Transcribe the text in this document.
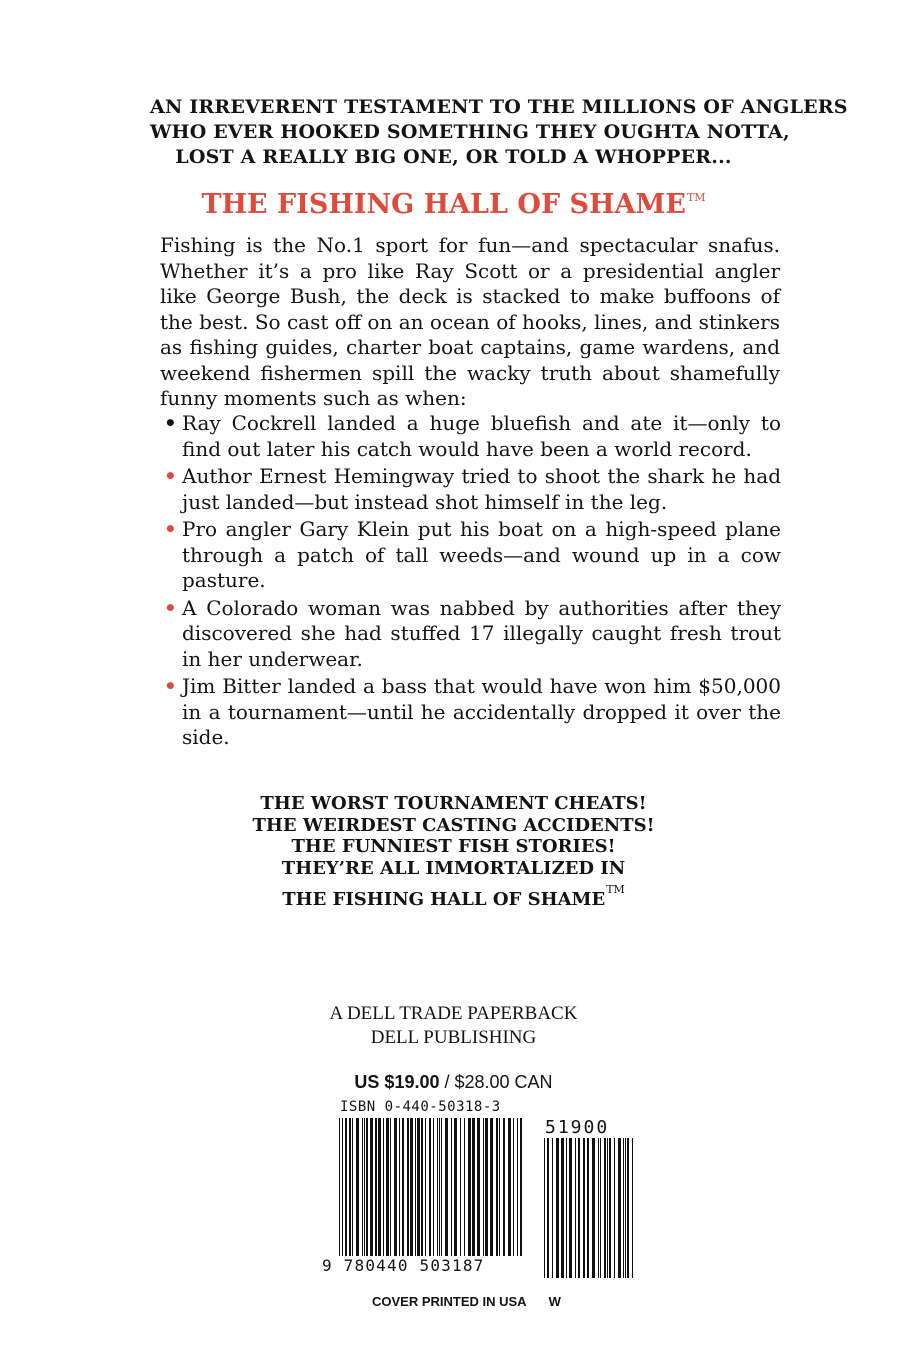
AN IRREVERENT TESTAMENT TO THE MILLIONS OF ANGLERS
WHO EVER HOOKED SOMETHING THEY OUGHTA NOTTA,
LOST A REALLY BIG ONE, OR TOLD A WHOPPER...
THE FISHING HALL OF SHAME™

Fishing is the No.1 sport for fun—and spectacular snafus. Whether it’s a pro like Ray Scott or a presidential angler like George Bush, the deck is stacked to make buffoons of the best. So cast off on an ocean of hooks, lines, and stinkers as fishing guides, charter boat captains, game wardens, and weekend fishermen spill the wacky truth about shamefully funny moments such as when:

• Ray Cockrell landed a huge bluefish and ate it—only to find out later his catch would have been a world record.
• Author Ernest Hemingway tried to shoot the shark he had just landed—but instead shot himself in the leg.
• Pro angler Gary Klein put his boat on a high-speed plane through a patch of tall weeds—and wound up in a cow pasture.
• A Colorado woman was nabbed by authorities after they discovered she had stuffed 17 illegally caught fresh trout in her underwear.
• Jim Bitter landed a bass that would have won him $50,000 in a tournament—until he accidentally dropped it over the side.
THE WORST TOURNAMENT CHEATS!
THE WEIRDEST CASTING ACCIDENTS!
THE FUNNIEST FISH STORIES!
THEY’RE ALL IMMORTALIZED IN
THE FISHING HALL OF SHAME™
A DELL TRADE PAPERBACK
DELL PUBLISHING
US $19.00 / $28.00 CAN
ISBN 0-440-50318-3
51900
9 780440 503187
COVER PRINTED IN USA W
